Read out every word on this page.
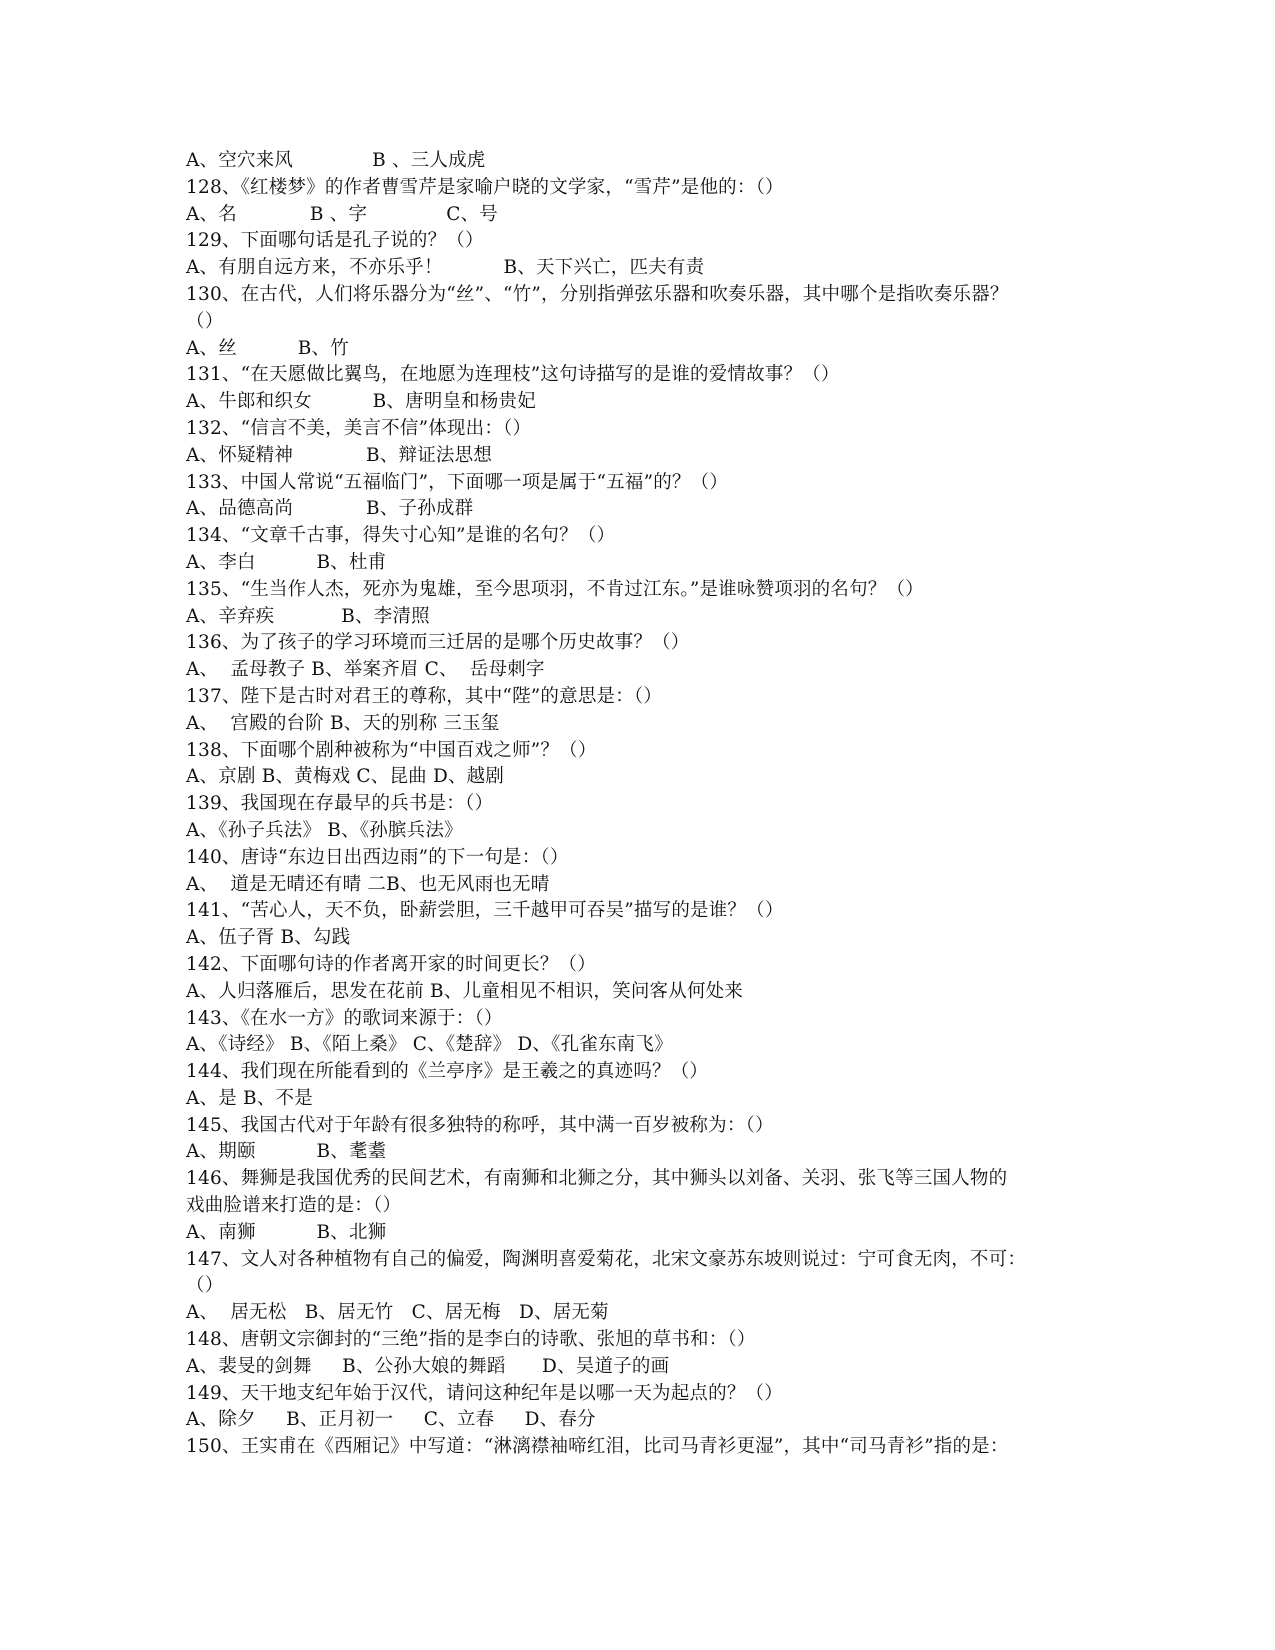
A、空穴来风             B 、三人成虎
128、《红楼梦》的作者曹雪芹是家喻户晓的文学家，“雪芹”是他的：（）
A、名            B 、字             C、号
129、下面哪句话是孔子说的？（）
A、有朋自远方来，不亦乐乎！          B、天下兴亡，匹夫有责
130、在古代，人们将乐器分为“丝”、“竹”，分别指弹弦乐器和吹奏乐器，其中哪个是指吹奏乐器？
（）
A、丝          B、竹
131、“在天愿做比翼鸟，在地愿为连理枝”这句诗描写的是谁的爱情故事？（）
A、牛郎和织女          B、唐明皇和杨贵妃
132、“信言不美，美言不信”体现出：（）
A、怀疑精神            B、辩证法思想
133、中国人常说“五福临门”，下面哪一项是属于“五福”的？（）
A、品德高尚            B、子孙成群
134、“文章千古事，得失寸心知”是谁的名句？（）
A、李白          B、杜甫
135、“生当作人杰，死亦为鬼雄，至今思项羽，不肯过江东。”是谁咏赞项羽的名句？（）
A、辛弃疾           B、李清照
136、为了孩子的学习环境而三迁居的是哪个历史故事？（）
A、  孟母教子 B、举案齐眉 C、  岳母刺字
137、陛下是古时对君王的尊称，其中“陛”的意思是：（）
A、  宫殿的台阶 B、天的别称 三玉玺
138、下面哪个剧种被称为“中国百戏之师”？（）
A、京剧 B、黄梅戏 C、昆曲 D、越剧
139、我国现在存最早的兵书是：（）
A、《孙子兵法》 B、《孙膑兵法》
140、唐诗“东边日出西边雨”的下一句是：（）
A、  道是无晴还有晴 二B、也无风雨也无晴
141、“苦心人，天不负，卧薪尝胆，三千越甲可吞吴”描写的是谁？（）
A、伍子胥 B、勾践
142、下面哪句诗的作者离开家的时间更长？（）
A、人归落雁后，思发在花前 B、儿童相见不相识，笑问客从何处来
143、《在水一方》的歌词来源于：（）
A、《诗经》 B、《陌上桑》 C、《楚辞》 D、《孔雀东南飞》
144、我们现在所能看到的《兰亭序》是王羲之的真迹吗？（）
A、是 B、不是
145、我国古代对于年龄有很多独特的称呼，其中满一百岁被称为：（）
A、期颐          B、耄耋
146、舞狮是我国优秀的民间艺术，有南狮和北狮之分，其中狮头以刘备、关羽、张飞等三国人物的
戏曲脸谱来打造的是：（）
A、南狮          B、北狮
147、文人对各种植物有自己的偏爱，陶渊明喜爱菊花，北宋文豪苏东坡则说过：宁可食无肉，不可：
（）
A、  居无松   B、居无竹   C、居无梅   D、居无菊
148、唐朝文宗御封的“三绝”指的是李白的诗歌、张旭的草书和：（）
A、裴旻的剑舞     B、公孙大娘的舞蹈      D、吴道子的画
149、天干地支纪年始于汉代，请问这种纪年是以哪一天为起点的？（）
A、除夕     B、正月初一     C、立春     D、春分
150、王实甫在《西厢记》中写道：“淋漓襟袖啼红泪，比司马青衫更湿”，其中“司马青衫”指的是：
